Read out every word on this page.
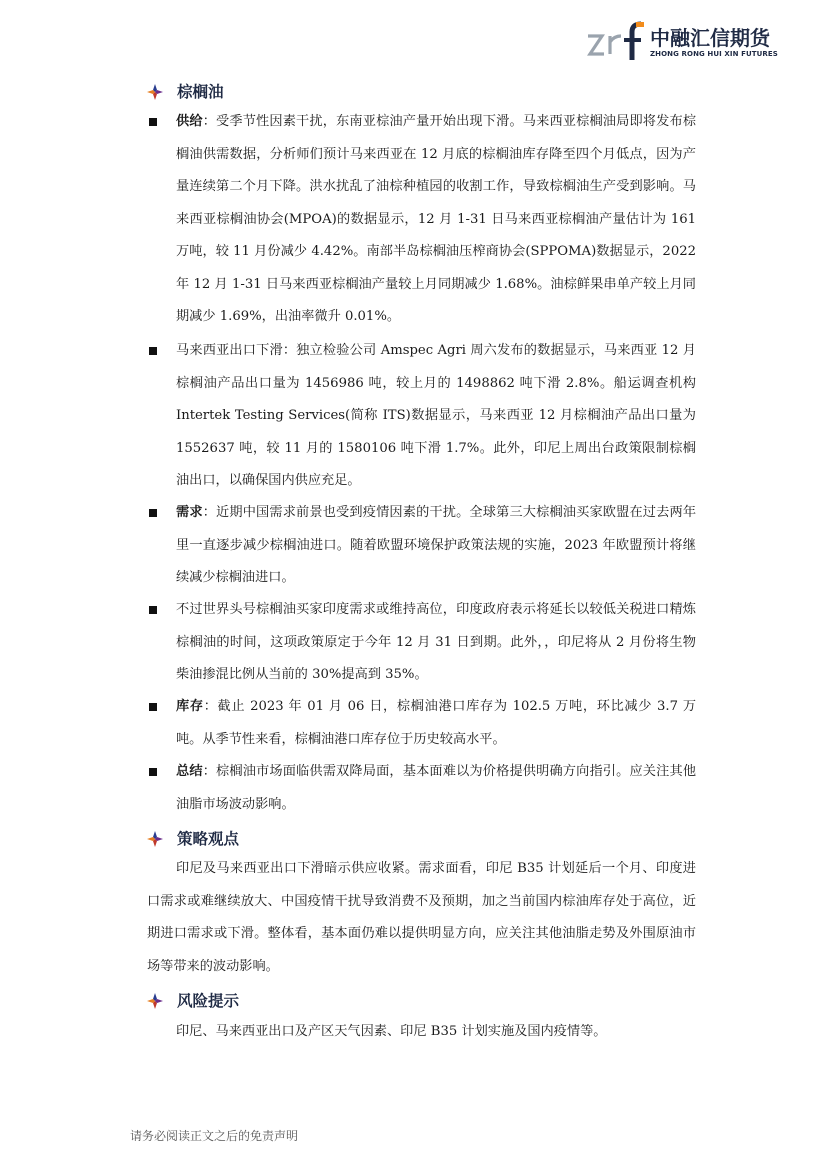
中融汇信期货
ZHONG RONG HUI XIN FUTURES
棕榈油
供给：受季节性因素干扰，东南亚棕油产量开始出现下滑。马来西亚棕榈油局即将发布棕榈油供需数据，分析师们预计马来西亚在 12 月底的棕榈油库存降至四个月低点，因为产量连续第二个月下降。洪水扰乱了油棕种植园的收割工作，导致棕榈油生产受到影响。马来西亚棕榈油协会(MPOA)的数据显示，12 月 1-31 日马来西亚棕榈油产量估计为 161 万吨，较 11 月份减少 4.42%。南部半岛棕榈油压榨商协会(SPPOMA)数据显示，2022 年 12 月 1-31 日马来西亚棕榈油产量较上月同期减少 1.68%。油棕鲜果串单产较上月同期减少 1.69%，出油率微升 0.01%。
马来西亚出口下滑：独立检验公司 Amspec Agri 周六发布的数据显示，马来西亚 12 月棕榈油产品出口量为 1456986 吨，较上月的 1498862 吨下滑 2.8%。船运调查机构 Intertek Testing Services(简称 ITS)数据显示，马来西亚 12 月棕榈油产品出口量为 1552637 吨，较 11 月的 1580106 吨下滑 1.7%。此外，印尼上周出台政策限制棕榈油出口，以确保国内供应充足。
需求：近期中国需求前景也受到疫情因素的干扰。全球第三大棕榈油买家欧盟在过去两年里一直逐步减少棕榈油进口。随着欧盟环境保护政策法规的实施，2023 年欧盟预计将继续减少棕榈油进口。
不过世界头号棕榈油买家印度需求或维持高位，印度政府表示将延长以较低关税进口精炼棕榈油的时间，这项政策原定于今年 12 月 31 日到期。此外，，印尼将从 2 月份将生物柴油掺混比例从当前的 30%提高到 35%。
库存：截止 2023 年 01 月 06 日，棕榈油港口库存为 102.5 万吨，环比减少 3.7 万吨。从季节性来看，棕榈油港口库存位于历史较高水平。
总结：棕榈油市场面临供需双降局面，基本面难以为价格提供明确方向指引。应关注其他油脂市场波动影响。
策略观点
印尼及马来西亚出口下滑暗示供应收紧。需求面看，印尼 B35 计划延后一个月、印度进口需求或难继续放大、中国疫情干扰导致消费不及预期，加之当前国内棕油库存处于高位，近期进口需求或下滑。整体看，基本面仍难以提供明显方向，应关注其他油脂走势及外围原油市场等带来的波动影响。
风险提示
印尼、马来西亚出口及产区天气因素、印尼 B35 计划实施及国内疫情等。
请务必阅读正文之后的免责声明
